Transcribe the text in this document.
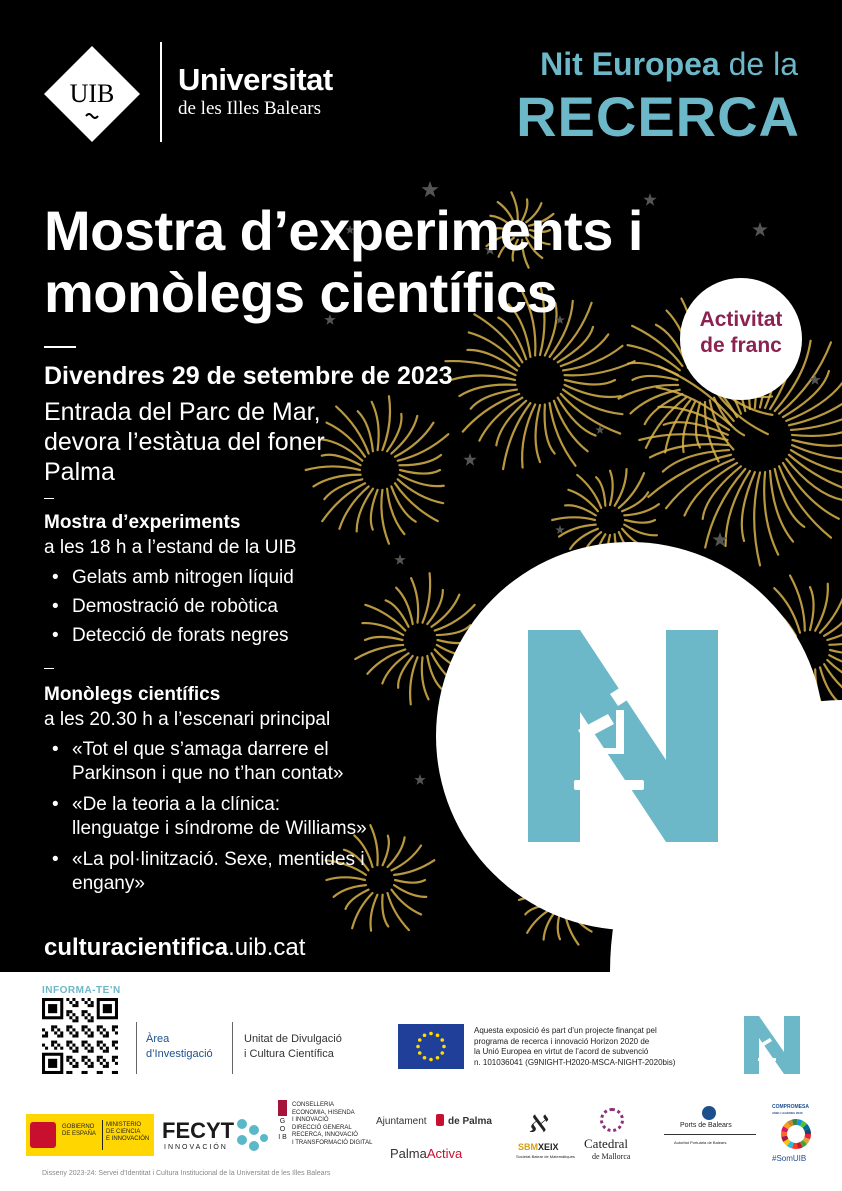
UIB Universitat
de les Illes Balears
Nit Europea de la
RECERCA
Mostra d’experiments i
monòlegs científics	Activitat
de franc
Divendres 29 de setembre de 2023
Entrada del Parc de Mar,
devora l’estàtua del foner
Palma
Mostra d’experiments
a les 18 h a l’estand de la UIB
• Gelats amb nitrogen líquid
• Demostració de robòtica
• Detecció de forats negres
Monòlegs científics
a les 20.30 h a l’escenari principal
• «Tot el que s’amaga darrere el
Parkinson i que no t’han contat»
• «De la teoria a la clínica:
llenguatge i síndrome de Williams»
• «La pol·linització. Sexe, mentides i
engany»
culturacientifica.uib.cat
INFORMA-TE’N
Àrea
d’Investigació
Unitat de Divulgació
i Cultura Científica
Aquesta exposició és part d’un projecte finançat pel
programa de recerca i innovació Horizon 2020 de
la Unió Europea en virtut de l’acord de subvenció
n. 101036041 (G9NIGHT-H2020-MSCA-NIGHT-2020bis)
GOBIERNO
DE ESPAÑA
MINISTERIO
DE CIENCIA
E INNOVACIÓN FECYT
INNOVACIÓN
G O I B
CONSELLERIA
ECONOMIA, HISENDA
I INNOVACIÓ
DIRECCIÓ GENERAL
RECERCA, INNOVACIÓ
I TRANSFORMACIÓ DIGITAL
Ajuntament de Palma
PalmaActiva
ℵ
SBMXEIX
Societat Balear de Matemàtiques
Catedral
de Mallorca
Ports de Balears
Autoritat Portuària de Balears
COMPROMESA
AMB L’AGENDA 2030
#SomUIB
Disseny 2023-24: Servei d’Identitat i Cultura Institucional de la Universitat de les Illes Balears
